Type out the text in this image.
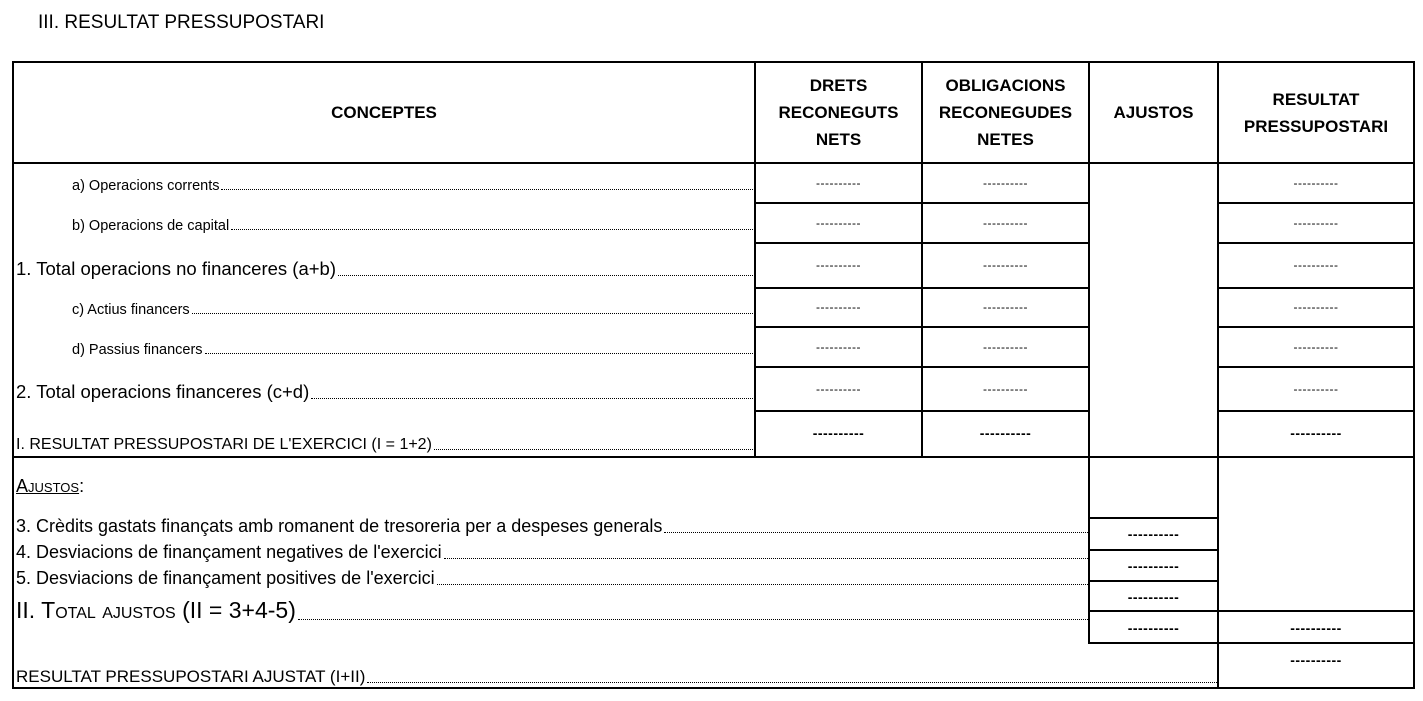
III. RESULTAT PRESSUPOSTARI
CONCEPTES
DRETS
RECONEGUTS
NETS
OBLIGACIONS
RECONEGUDES
NETES
AJUSTOS
RESULTAT
PRESSUPOSTARI
a) Operacions corrents
b) Operacions de capital
1. Total operacions no financeres (a+b)
c) Actius financers
d) Passius financers
2. Total operacions financeres (c+d)
I. RESULTAT PRESSUPOSTARI DE L'EXERCICI (I = 1+2)
----------
----------
----------
----------
----------
----------
----------
----------
----------
----------
----------
----------
----------
----------
----------
----------
----------
----------
----------
----------
----------
Ajustos:
3. Crèdits gastats finançats amb romanent de tresoreria per a despeses generals
4. Desviacions de finançament negatives de l'exercici
5. Desviacions de finançament positives de l'exercici
II. Total ajustos (II = 3+4-5)
----------
----------
----------
----------	----------
RESULTAT PRESSUPOSTARI AJUSTAT (I+II)
----------
